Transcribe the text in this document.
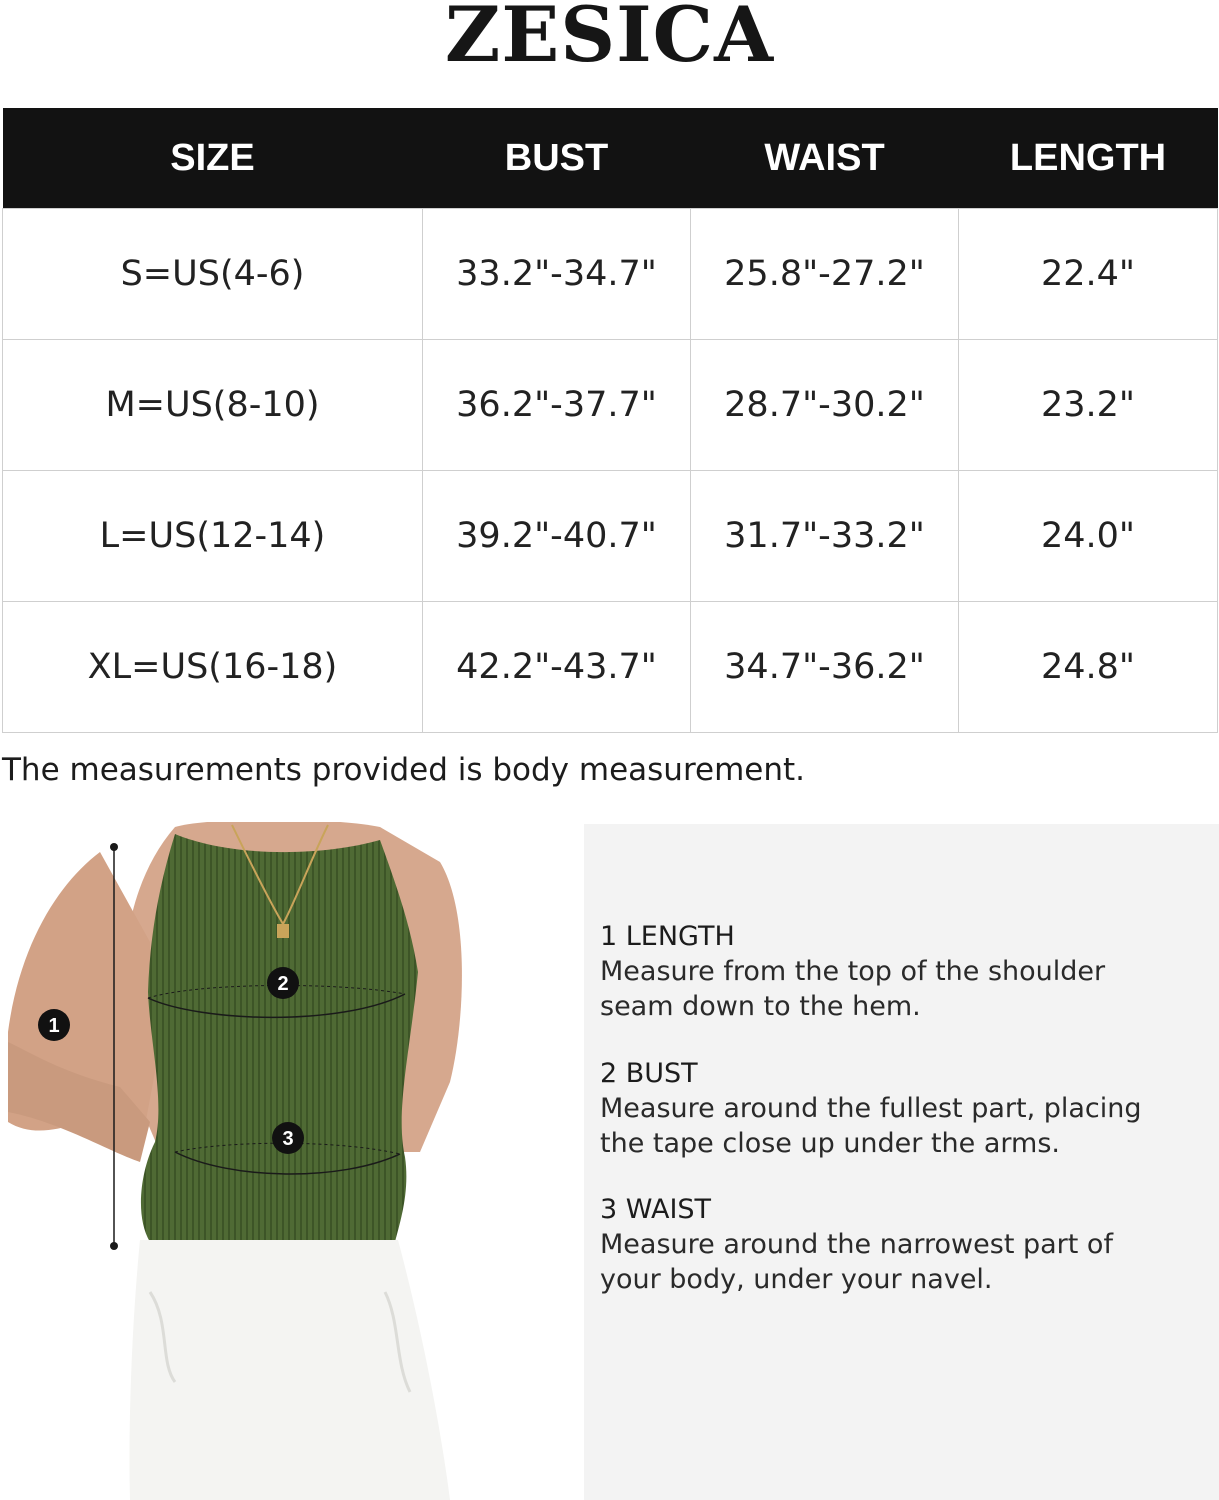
ZESICA
SIZE	BUST	WAIST	LENGTH
S=US(4-6)	33.2"-34.7"	25.8"-27.2"	22.4"
M=US(8-10)	36.2"-37.7"	28.7"-30.2"	23.2"
L=US(12-14)	39.2"-40.7"	31.7"-33.2"	24.0"
XL=US(16-18)	42.2"-43.7"	34.7"-36.2"	24.8"
The measurements provided is body measurement.
1
2
3
1 LENGTH
Measure from the top of the shoulder
seam down to the hem.
2 BUST
Measure around the fullest part, placing
the tape close up under the arms.
3 WAIST
Measure around the narrowest part of
your body, under your navel.
